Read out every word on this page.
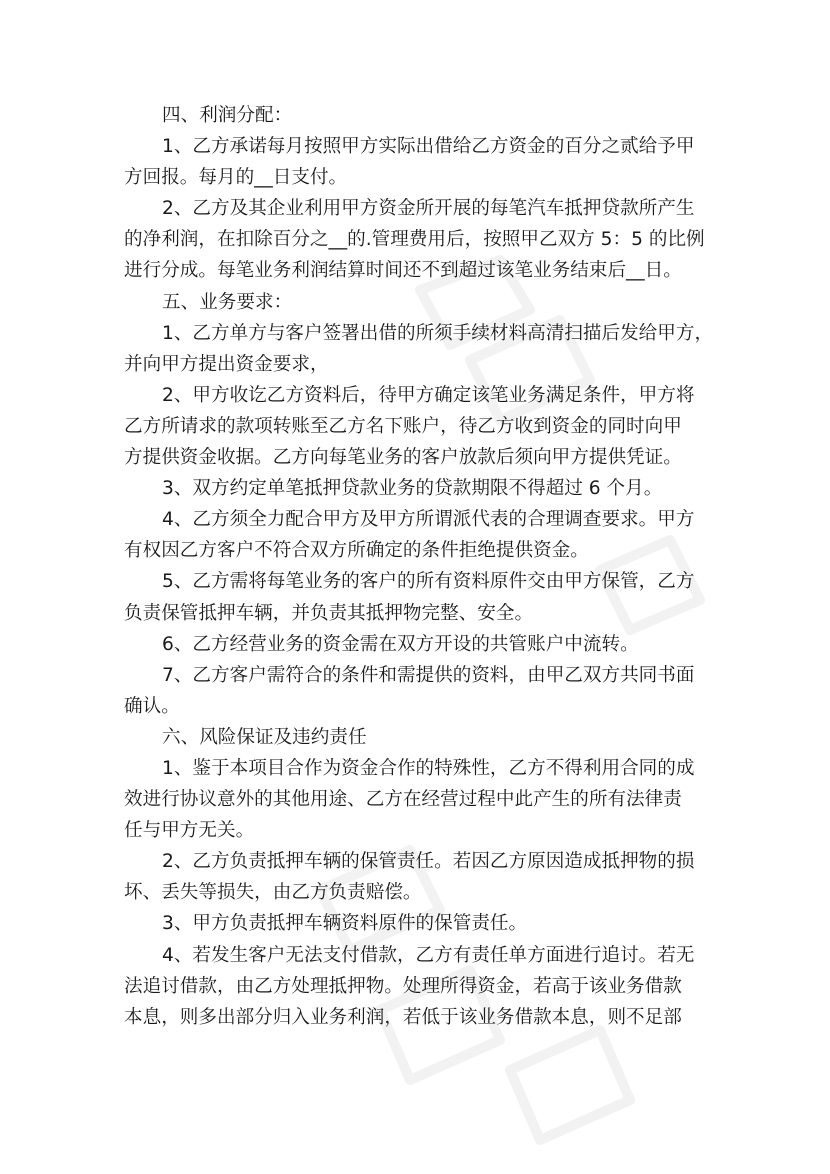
四、利润分配：
1、乙方承诺每月按照甲方实际出借给乙方资金的百分之贰给予甲
方回报。每月的__日支付。
2、乙方及其企业利用甲方资金所开展的每笔汽车抵押贷款所产生
的净利润，在扣除百分之__的.管理费用后，按照甲乙双方 5：5 的比例
进行分成。每笔业务利润结算时间还不到超过该笔业务结束后__日。
五、业务要求：
1、乙方单方与客户签署出借的所须手续材料高清扫描后发给甲方，
并向甲方提出资金要求，
2、甲方收讫乙方资料后，待甲方确定该笔业务满足条件，甲方将
乙方所请求的款项转账至乙方名下账户，待乙方收到资金的同时向甲
方提供资金收据。乙方向每笔业务的客户放款后须向甲方提供凭证。
3、双方约定单笔抵押贷款业务的贷款期限不得超过 6 个月。
4、乙方须全力配合甲方及甲方所谓派代表的合理调查要求。甲方
有权因乙方客户不符合双方所确定的条件拒绝提供资金。
5、乙方需将每笔业务的客户的所有资料原件交由甲方保管，乙方
负责保管抵押车辆，并负责其抵押物完整、安全。
6、乙方经营业务的资金需在双方开设的共管账户中流转。
7、乙方客户需符合的条件和需提供的资料，由甲乙双方共同书面
确认。
六、风险保证及违约责任
1、鉴于本项目合作为资金合作的特殊性，乙方不得利用合同的成
效进行协议意外的其他用途、乙方在经营过程中此产生的所有法律责
任与甲方无关。
2、乙方负责抵押车辆的保管责任。若因乙方原因造成抵押物的损
坏、丢失等损失，由乙方负责赔偿。
3、甲方负责抵押车辆资料原件的保管责任。
4、若发生客户无法支付借款，乙方有责任单方面进行追讨。若无
法追讨借款，由乙方处理抵押物。处理所得资金，若高于该业务借款
本息，则多出部分归入业务利润，若低于该业务借款本息，则不足部
